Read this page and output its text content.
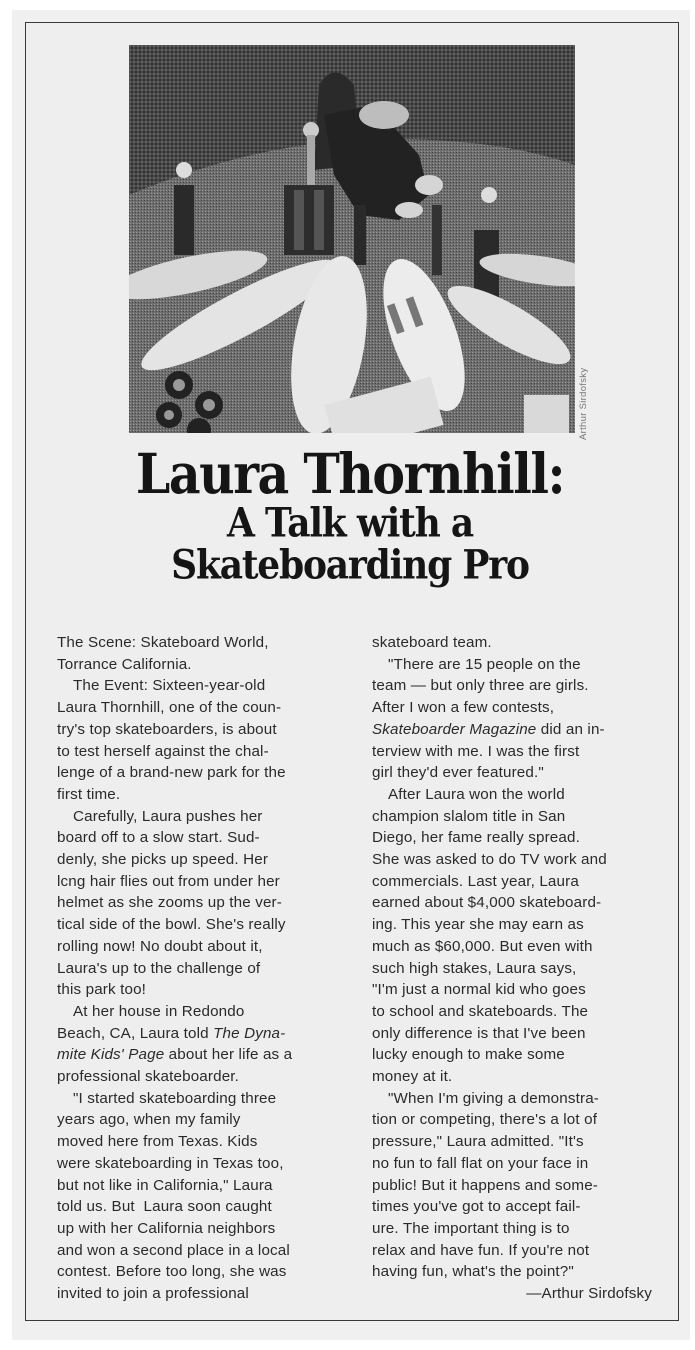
Arthur Sirdofsky
Laura Thornhill:
A Talk with a
Skateboarding Pro

The Scene: Skateboard World,

Torrance California.

The Event: Sixteen-year-old

Laura Thornhill, one of the coun-

try's top skateboarders, is about

to test herself against the chal-

lenge of a brand-new park for the

first time.

Carefully, Laura pushes her

board off to a slow start. Sud-

denly, she picks up speed. Her

lcng hair flies out from under her

helmet as she zooms up the ver-

tical side of the bowl. She's really

rolling now! No doubt about it,

Laura's up to the challenge of

this park too!

At her house in Redondo

Beach, CA, Laura told The Dyna-

mite Kids' Page about her life as a

professional skateboarder.

"I started skateboarding three

years ago, when my family

moved here from Texas. Kids

were skateboarding in Texas too,

but not like in California," Laura

told us. But  Laura soon caught

up with her California neighbors

and won a second place in a local

contest. Before too long, she was

invited to join a professional

skateboard team.

"There are 15 people on the

team — but only three are girls.

After I won a few contests,

Skateboarder Magazine did an in-

terview with me. I was the first

girl they'd ever featured."

After Laura won the world

champion slalom title in San

Diego, her fame really spread.

She was asked to do TV work and

commercials. Last year, Laura

earned about $4,000 skateboard-

ing. This year she may earn as

much as $60,000. But even with

such high stakes, Laura says,

"I'm just a normal kid who goes

to school and skateboards. The

only difference is that I've been

lucky enough to make some

money at it.

"When I'm giving a demonstra-

tion or competing, there's a lot of

pressure," Laura admitted. "It's

no fun to fall flat on your face in

public! But it happens and some-

times you've got to accept fail-

ure. The important thing is to

relax and have fun. If you're not

having fun, what's the point?"

—Arthur Sirdofsky
